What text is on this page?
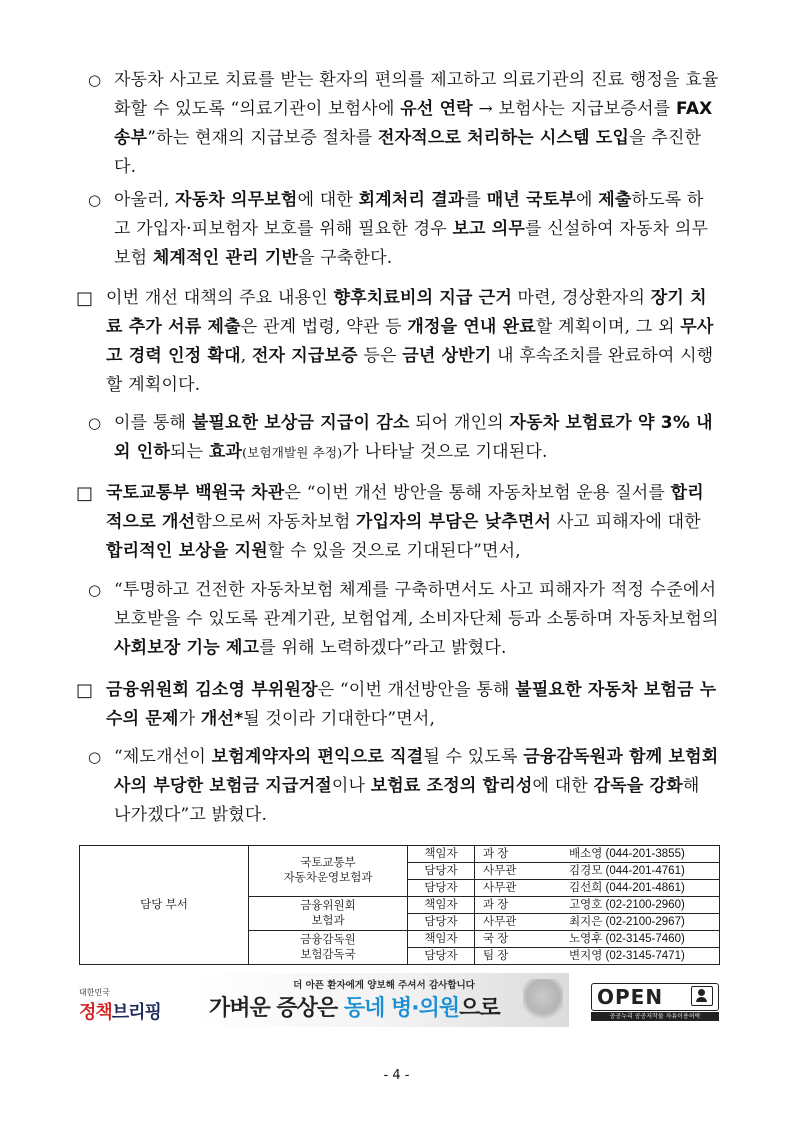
○ 자동차 사고로 치료를 받는 환자의 편의를 제고하고 의료기관의 진료 행정을 효율화할 수 있도록 “의료기관이 보험사에 유선 연락 → 보험사는 지급보증서를 FAX 송부”하는 현재의 지급보증 절차를 전자적으로 처리하는 시스템 도입을 추진한다.
○ 아울러, 자동차 의무보험에 대한 회계처리 결과를 매년 국토부에 제출하도록 하고 가입자·피보험자 보호를 위해 필요한 경우 보고 의무를 신설하여 자동차 의무보험 체계적인 관리 기반을 구축한다.
□ 이번 개선 대책의 주요 내용인 향후치료비의 지급 근거 마련, 경상환자의 장기 치료 추가 서류 제출은 관계 법령, 약관 등 개정을 연내 완료할 계획이며, 그 외 무사고 경력 인정 확대, 전자 지급보증 등은 금년 상반기 내 후속조치를 완료하여 시행할 계획이다.
○ 이를 통해 불필요한 보상금 지급이 감소 되어 개인의 자동차 보험료가 약 3% 내외 인하되는 효과(보험개발원 추정)가 나타날 것으로 기대된다.
□ 국토교통부 백원국 차관은 “이번 개선 방안을 통해 자동차보험 운용 질서를 합리적으로 개선함으로써 자동차보험 가입자의 부담은 낮추면서 사고 피해자에 대한 합리적인 보상을 지원할 수 있을 것으로 기대된다”면서,
○ “투명하고 건전한 자동차보험 체계를 구축하면서도 사고 피해자가 적정 수준에서 보호받을 수 있도록 관계기관, 보험업계, 소비자단체 등과 소통하며 자동차보험의 사회보장 기능 제고를 위해 노력하겠다”라고 밝혔다.
□ 금융위원회 김소영 부위원장은 “이번 개선방안을 통해 불필요한 자동차 보험금 누수의 문제가 개선*될 것이라 기대한다”면서,
○ “제도개선이 보험계약자의 편익으로 직결될 수 있도록 금융감독원과 함께 보험회사의 부당한 보험금 지급거절이나 보험료 조정의 합리성에 대한 감독을 강화해 나가겠다”고 밝혔다.
담당 부서	국토교통부
자동차운영보험과	책임자	과 장	배소영 (044-201-3855)
		담당자	사무관	김경모 (044-201-4761)
		담당자	사무관	김선희 (044-201-4861)

	금융위원회
보험과	책임자	과 장	고영호 (02-2100-2960)
		담당자	사무관	최지은 (02-2100-2967)

	금융감독원
보험감독국	책임자	국 장	노영후 (02-3145-7460)
		담당자	팀 장	변지영 (02-3145-7471)
대한민국
정책브리핑
더 아픈 환자에게 양보해 주셔서 감사합니다
가벼운 증상은 동네 병·의원으로	OPEN
공공누리 공공저작물 자유이용허락
- 4 -
